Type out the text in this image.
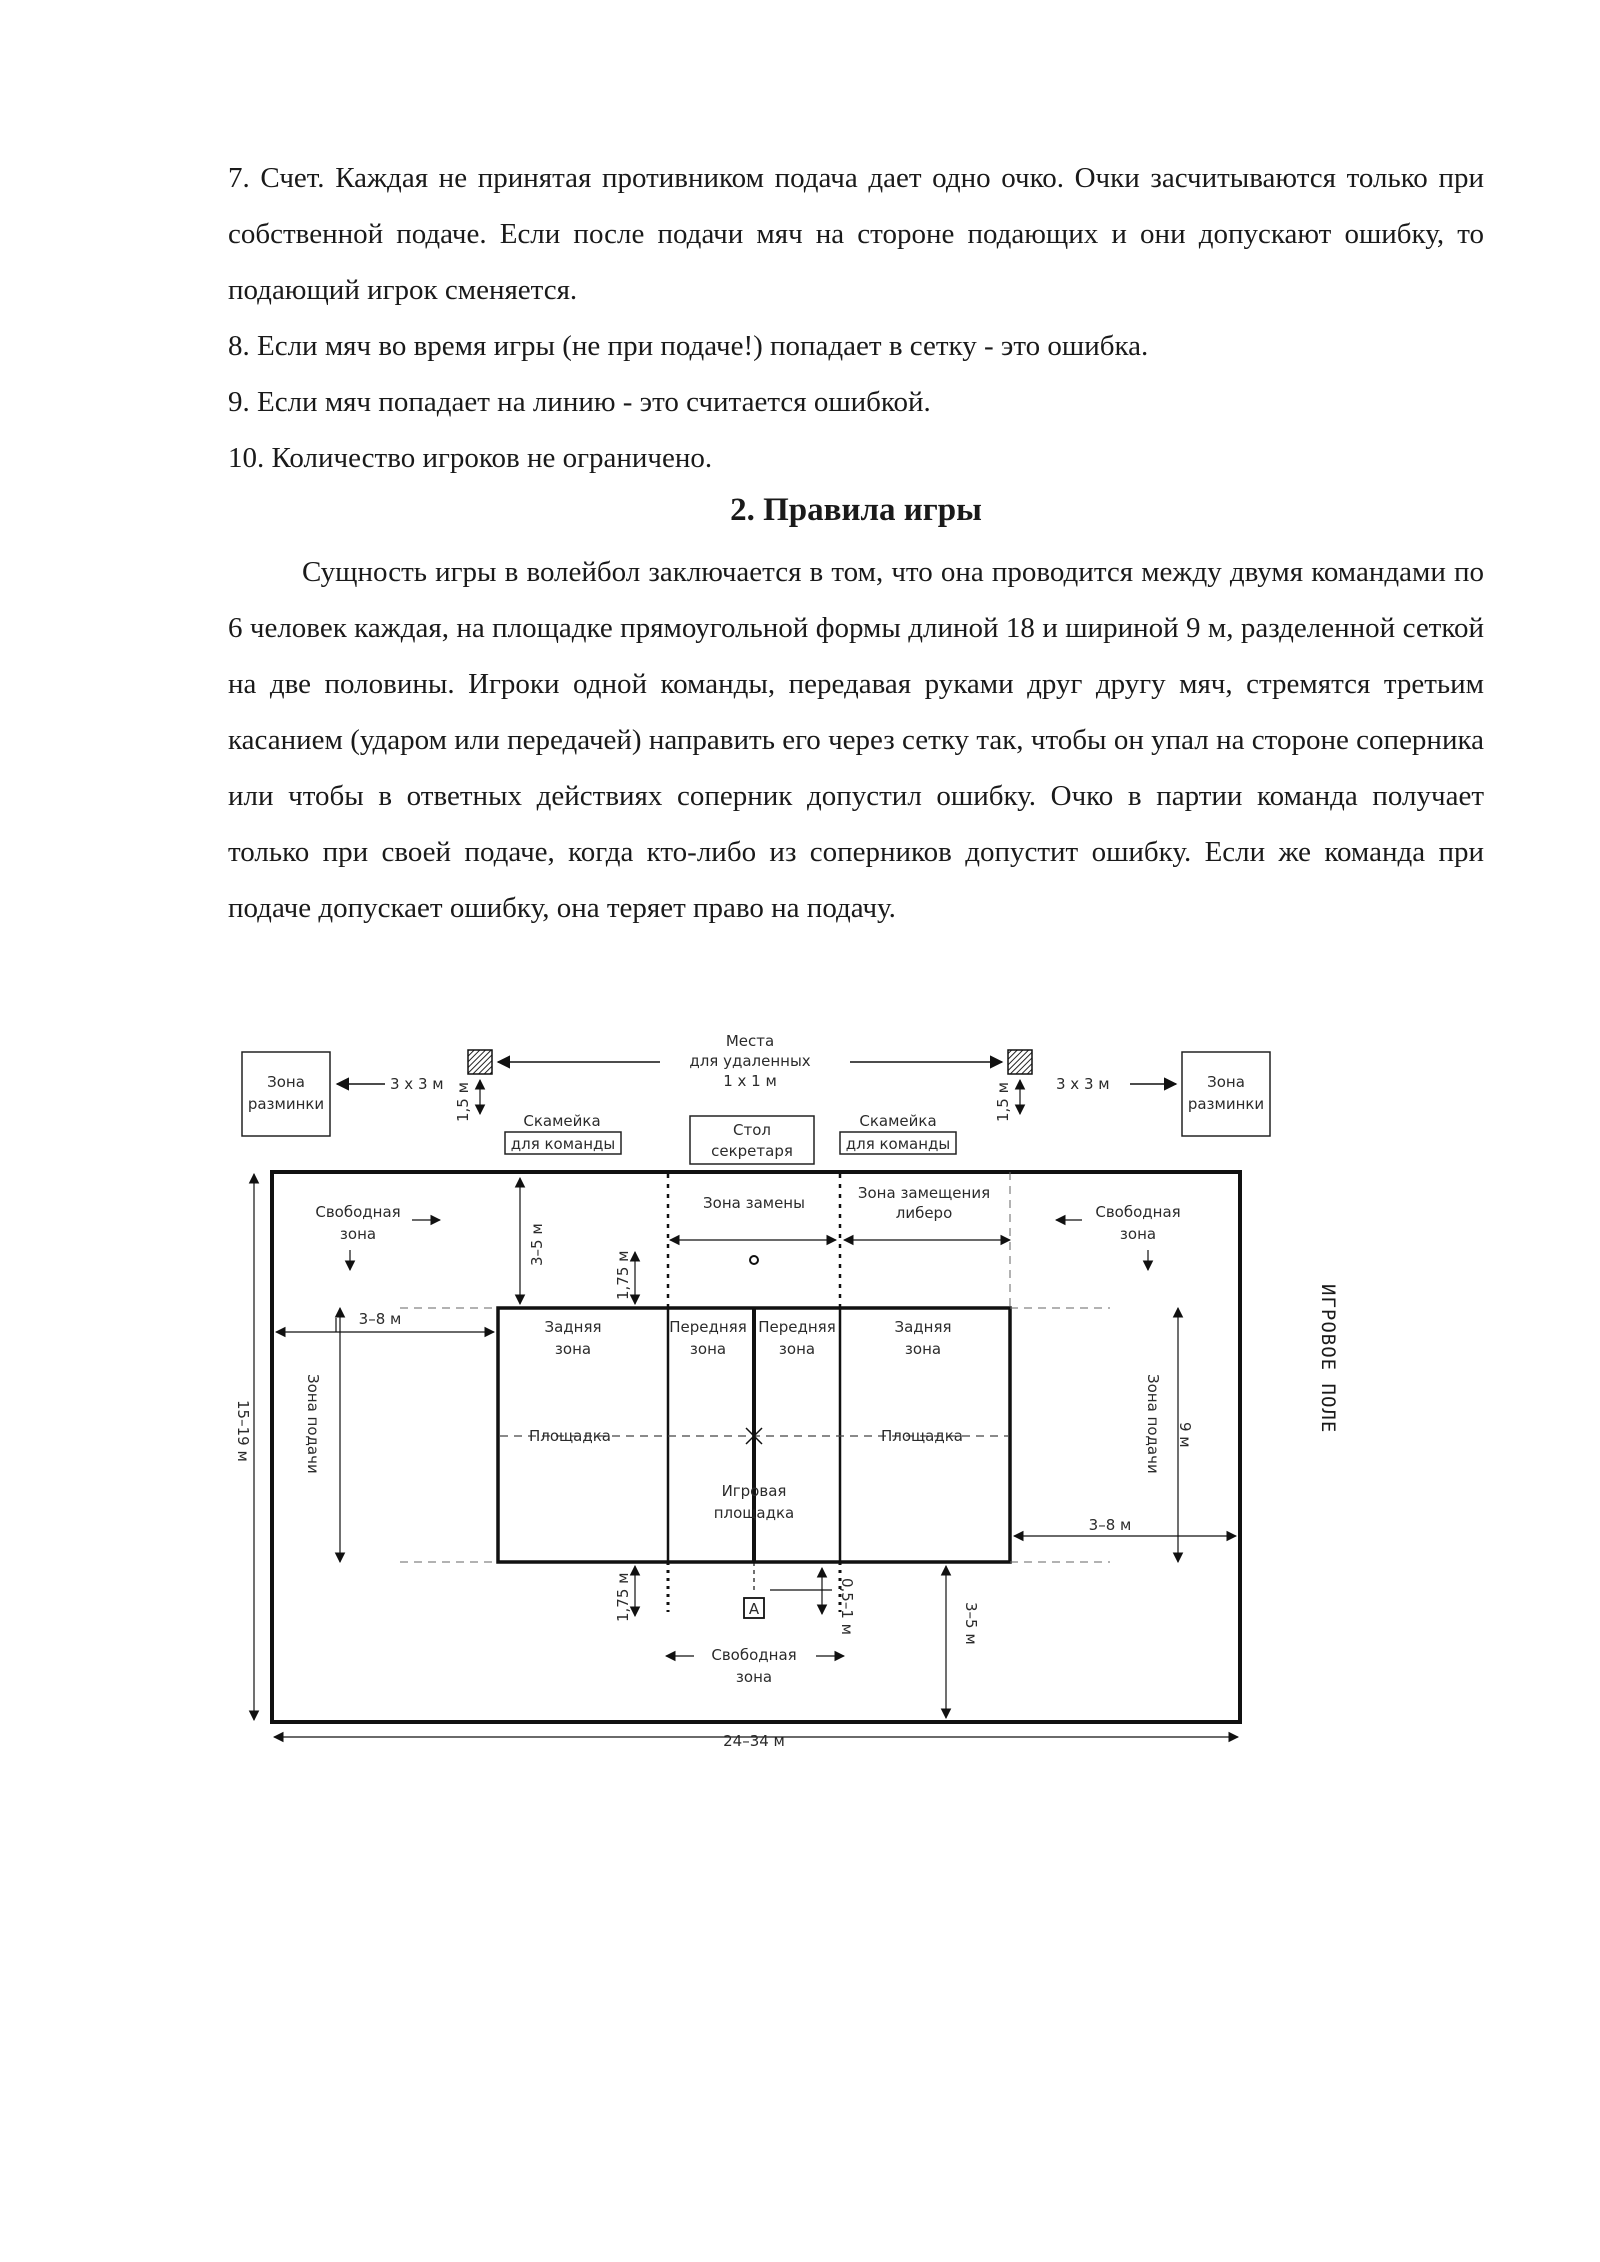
7. Счет. Каждая не принятая противником подача дает одно очко. Очки засчитываются только при собственной подаче. Если после подачи мяч на стороне подающих и они допускают ошибку, то подающий игрок сменяется.

8. Если мяч во время игры (не при подаче!) попадает в сетку - это ошибка.

9. Если мяч попадает на линию - это считается ошибкой.

10. Количество игроков не ограничено.

2. Правила игры

Сущность игры в волейбол заключается в том, что она проводится между двумя командами по 6 человек каждая, на площадке прямоугольной формы длиной 18 и шириной 9 м, разделенной сеткой на две половины. Игроки одной команды, передавая руками друг другу мяч, стремятся третьим касанием (ударом или передачей) направить его через сетку так, чтобы он упал на стороне соперника или чтобы в ответных действиях соперник допустил ошибку. Очко в партии команда получает только при своей подаче, когда кто-либо из соперников допустит ошибку. Если же команда при подаче допускает ошибку, она теряет право на подачу.

Зона
разминки
3 х 3 м	Зона
разминки
3 х 3 м
Места
для удаленных
1 х 1 м
1,5 м	1,5 м
Скамейка
для команды
Стол
секретаря
Скамейка
для команды
Зона замены
Зона замещения
либеро
Свободная
зона
Свободная
зона
Свободная
зона
3–5 м
1,75 м
3–8 м
3–8 м
Задняя
зона
Передняя
зона
Передняя
зона
Задняя
зона
Площадка	Площадка
Игровая
площадка
Зона подачи	Зона подачи 9 м
15–19 м
1,75 м	А	0,5–1 м	3–5 м
24–34 м
ИГРОВОЕ ПОЛЕ
